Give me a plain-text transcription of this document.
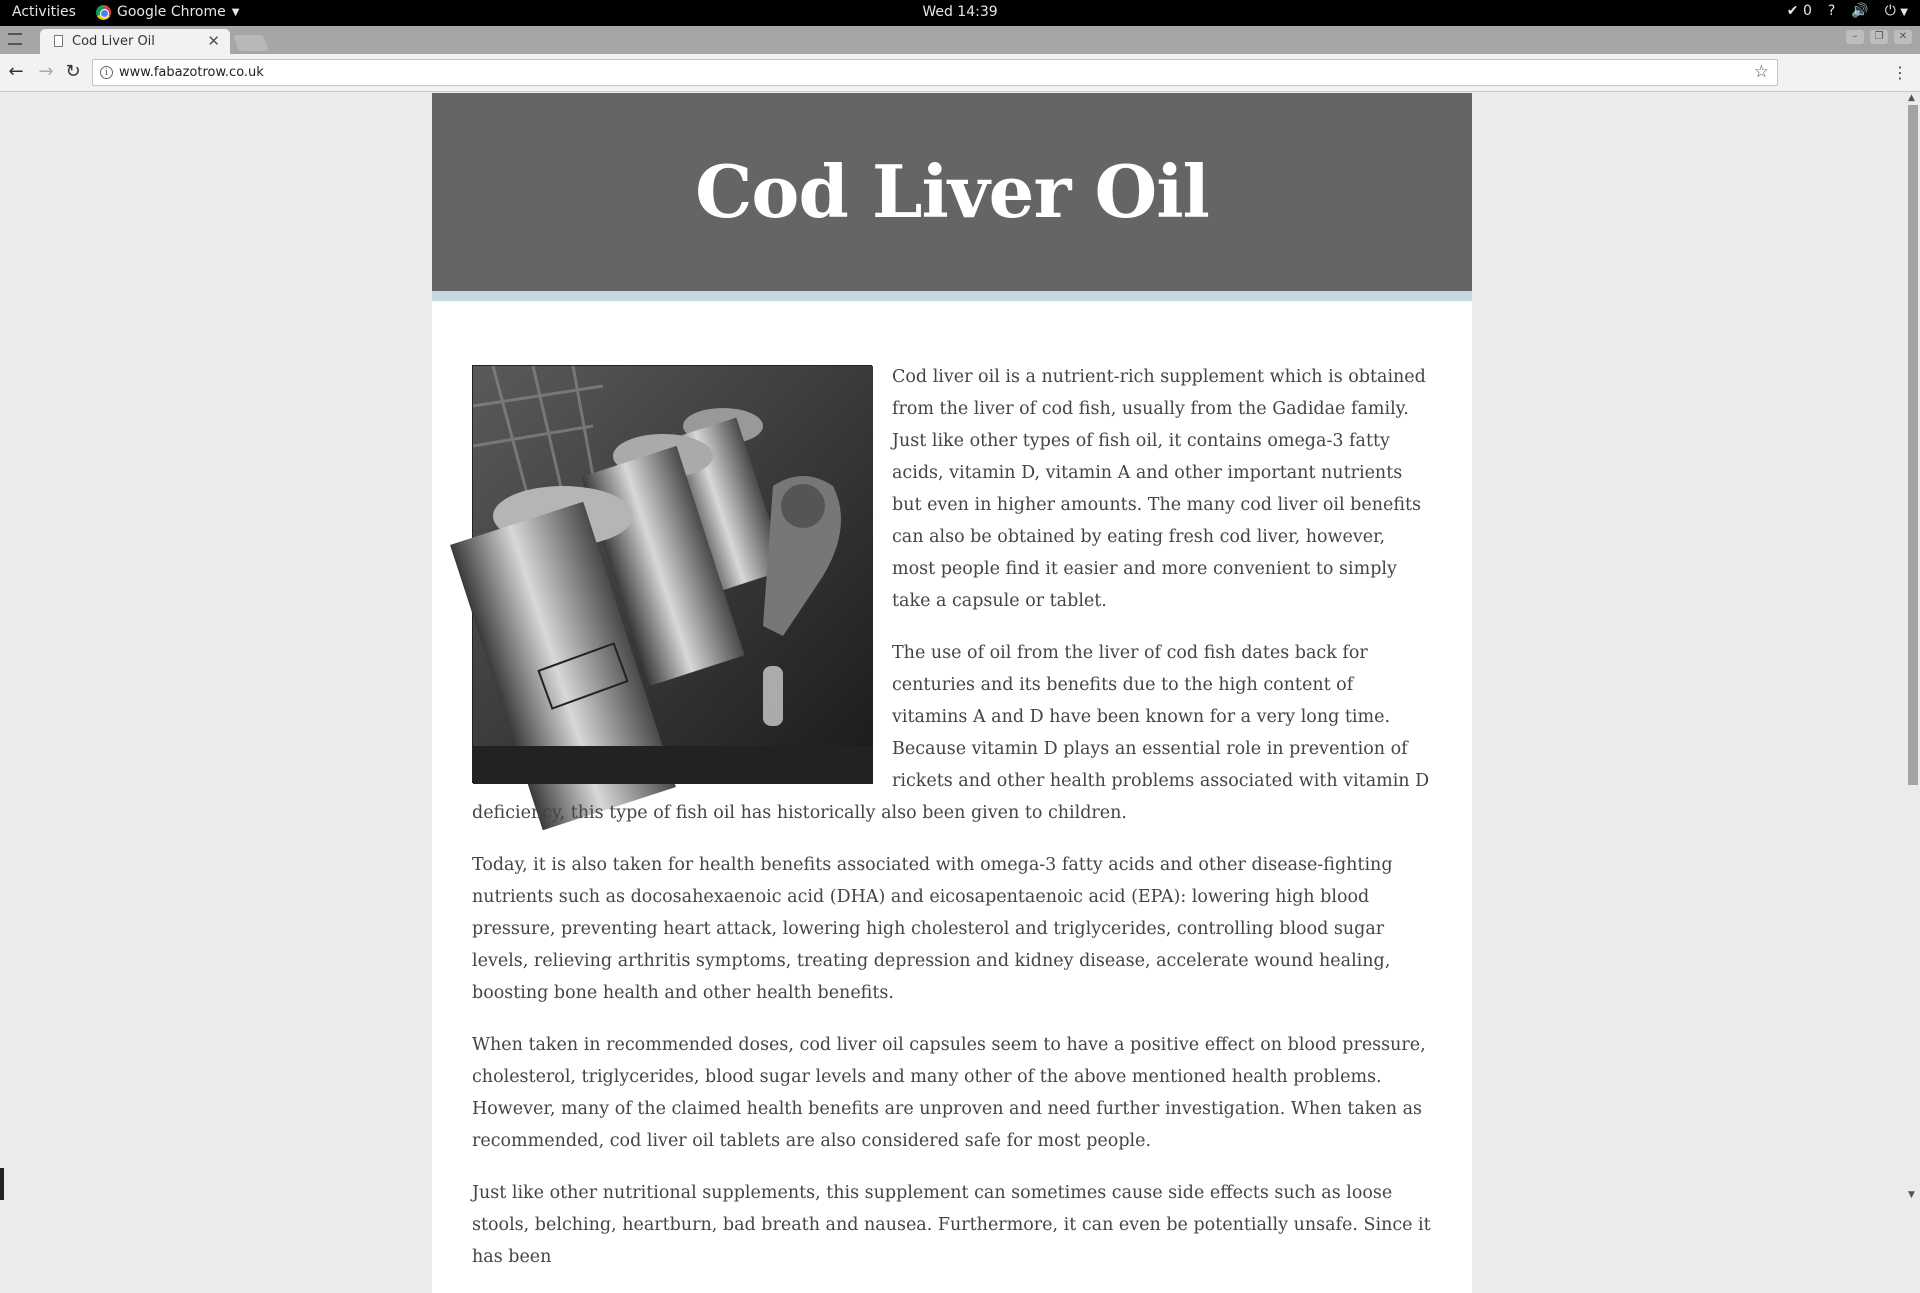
Activities	Google Chrome ▼	Wed 14:39	✔ 0 ? 🔊 ⏻ ▼
Cod Liver Oil	✕	–	❐	✕
← → ↻	i www.fabazotrow.co.uk	☆	⋮
Cod Liver Oil

Cod liver oil is a nutrient-rich supplement which is obtained from the liver of cod fish, usually from the Gadidae family. Just like other types of fish oil, it contains omega-3 fatty acids, vitamin D, vitamin A and other important nutrients but even in higher amounts. The many cod liver oil benefits can also be obtained by eating fresh cod liver, however, most people find it easier and more convenient to simply take a capsule or tablet.

The use of oil from the liver of cod fish dates back for centuries and its benefits due to the high content of vitamins A and D have been known for a very long time. Because vitamin D plays an essential role in prevention of rickets and other health problems associated with vitamin D deficiency, this type of fish oil has historically also been given to children.

Today, it is also taken for health benefits associated with omega-3 fatty acids and other disease-fighting nutrients such as docosahexaenoic acid (DHA) and eicosapentaenoic acid (EPA): lowering high blood pressure, preventing heart attack, lowering high cholesterol and triglycerides, controlling blood sugar levels, relieving arthritis symptoms, treating depression and kidney disease, accelerate wound healing, boosting bone health and other health benefits.

When taken in recommended doses, cod liver oil capsules seem to have a positive effect on blood pressure, cholesterol, triglycerides, blood sugar levels and many other of the above mentioned health problems. However, many of the claimed health benefits are unproven and need further investigation. When taken as recommended, cod liver oil tablets are also considered safe for most people.

Just like other nutritional supplements, this supplement can sometimes cause side effects such as loose stools, belching, heartburn, bad breath and nausea. Furthermore, it can even be potentially unsafe. Since it has been

▲
▼
